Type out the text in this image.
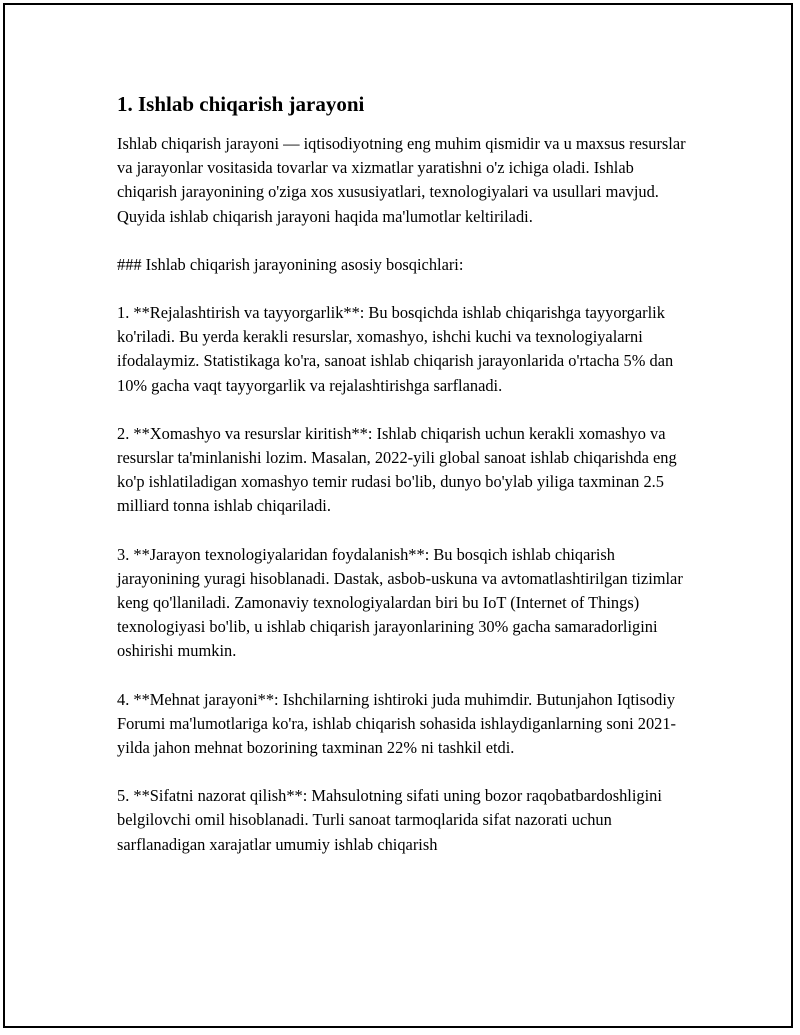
1. Ishlab chiqarish jarayoni

Ishlab chiqarish jarayoni — iqtisodiyotning eng muhim qismidir va u maxsus resurslar va jarayonlar vositasida tovarlar va xizmatlar yaratishni o'z ichiga oladi. Ishlab chiqarish jarayonining o'ziga xos xususiyatlari, texnologiyalari va usullari mavjud. Quyida ishlab chiqarish jarayoni haqida ma'lumotlar keltiriladi.

### Ishlab chiqarish jarayonining asosiy bosqichlari:

1. **Rejalashtirish va tayyorgarlik**: Bu bosqichda ishlab chiqarishga tayyorgarlik ko'riladi. Bu yerda kerakli resurslar, xomashyo, ishchi kuchi va texnologiyalarni ifodalaymiz. Statistikaga ko'ra, sanoat ishlab chiqarish jarayonlarida o'rtacha 5% dan 10% gacha vaqt tayyorgarlik va rejalashtirishga sarflanadi.

2. **Xomashyo va resurslar kiritish**: Ishlab chiqarish uchun kerakli xomashyo va resurslar ta'minlanishi lozim. Masalan, 2022-yili global sanoat ishlab chiqarishda eng ko'p ishlatiladigan xomashyo temir rudasi bo'lib, dunyo bo'ylab yiliga taxminan 2.5 milliard tonna ishlab chiqariladi.

3. **Jarayon texnologiyalaridan foydalanish**: Bu bosqich ishlab chiqarish jarayonining yuragi hisoblanadi. Dastak, asbob-uskuna va avtomatlashtirilgan tizimlar keng qo'llaniladi. Zamonaviy texnologiyalardan biri bu IoT (Internet of Things) texnologiyasi bo'lib, u ishlab chiqarish jarayonlarining 30% gacha samaradorligini oshirishi mumkin.

4. **Mehnat jarayoni**: Ishchilarning ishtiroki juda muhimdir. Butunjahon Iqtisodiy Forumi ma'lumotlariga ko'ra, ishlab chiqarish sohasida ishlaydiganlarning soni 2021-yilda jahon mehnat bozorining taxminan 22% ni tashkil etdi.

5. **Sifatni nazorat qilish**: Mahsulotning sifati uning bozor raqobatbardoshligini belgilovchi omil hisoblanadi. Turli sanoat tarmoqlarida sifat nazorati uchun sarflanadigan xarajatlar umumiy ishlab chiqarish
